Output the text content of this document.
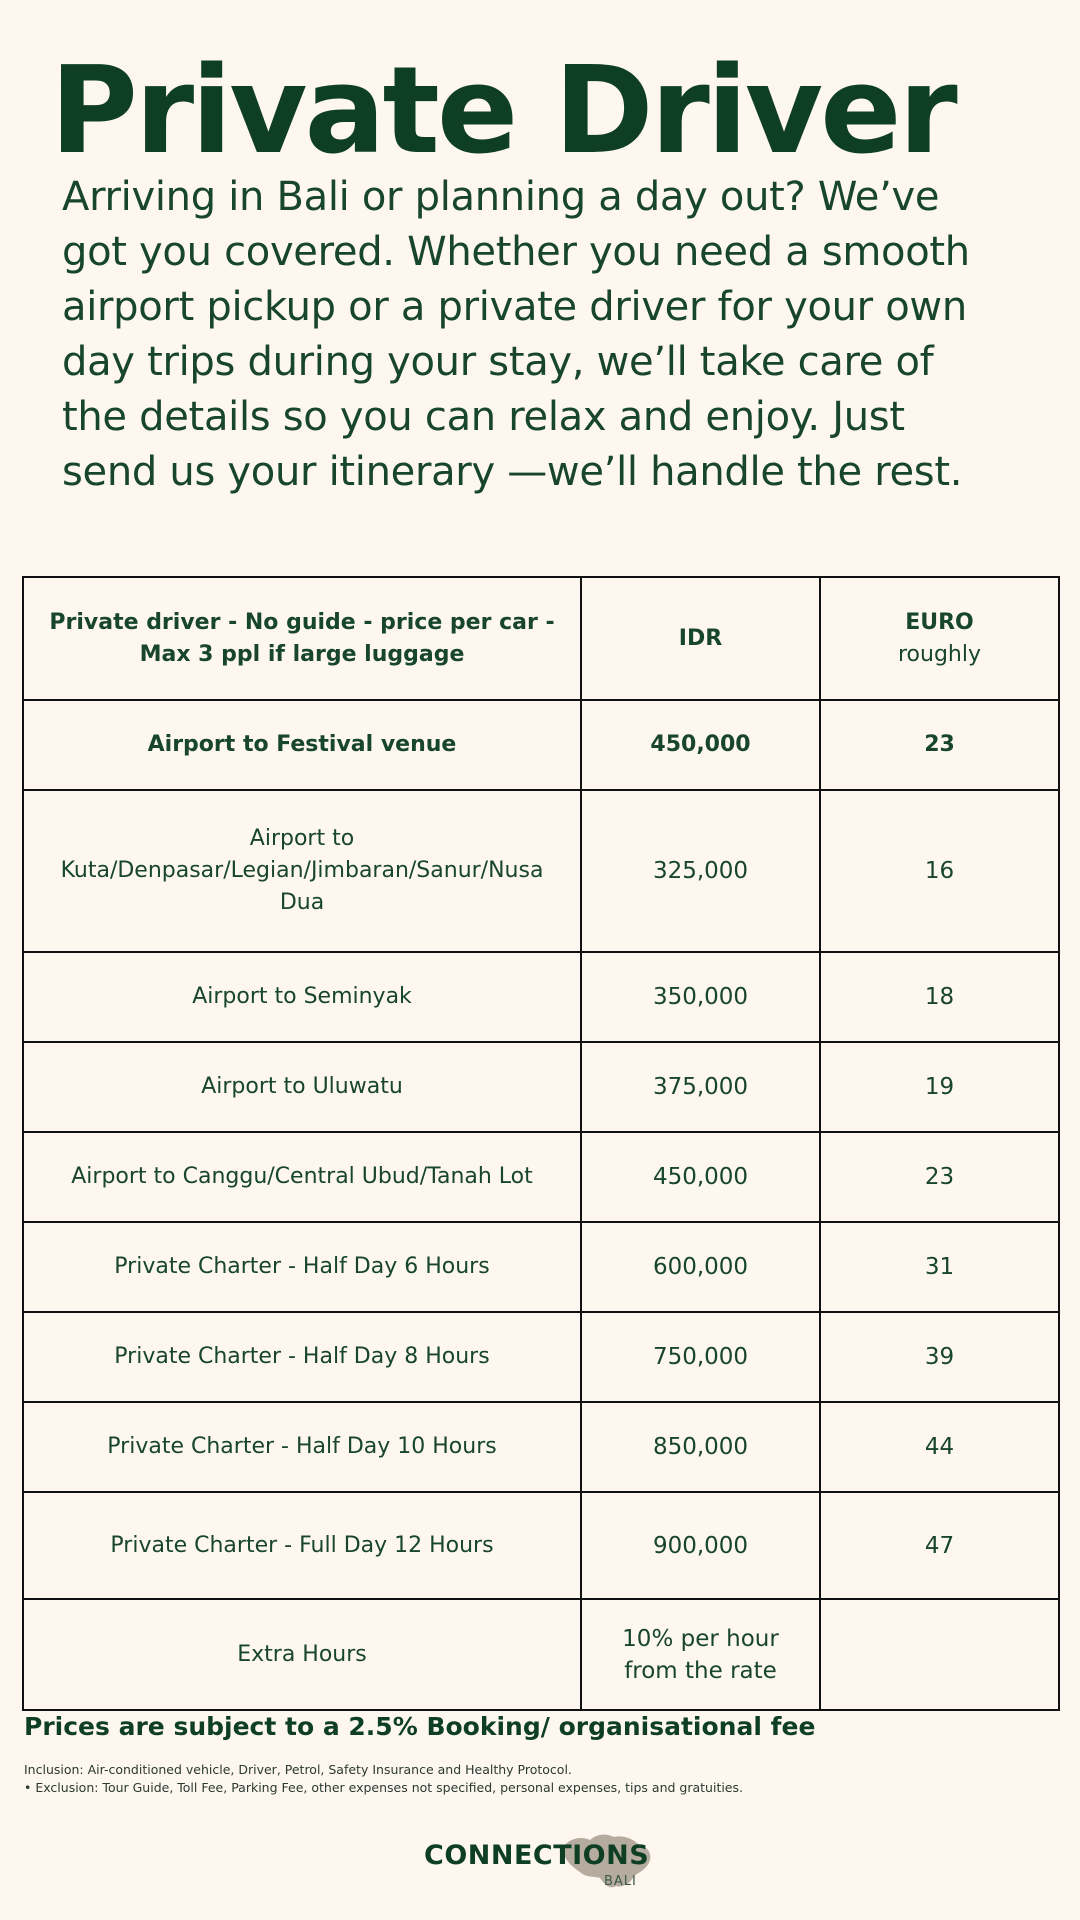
Private Driver

Arriving in Bali or planning a day out? We’ve got you covered. Whether you need a smooth airport pickup or a private driver for your own day trips during your stay, we’ll take care of the details so you can relax and enjoy. Just send us your itinerary —we’ll handle the rest.

Private driver - No guide - price per car - Max 3 ppl if large luggage	IDR	EURO
roughly

Airport to Festival venue	450,000	23
Airport to Kuta/Denpasar/Legian/Jimbaran/Sanur/Nusa Dua	325,000	16
Airport to Seminyak	350,000	18
Airport to Uluwatu	375,000	19
Airport to Canggu/Central Ubud/Tanah Lot	450,000	23
Private Charter - Half Day 6 Hours	600,000	31
Private Charter - Half Day 8 Hours	750,000	39
Private Charter - Half Day 10 Hours	850,000	44
Private Charter - Full Day 12 Hours	900,000	47
Extra Hours	10% per hour from the rate	

Prices are subject to a 2.5% Booking/ organisational fee

Inclusion: Air-conditioned vehicle, Driver, Petrol, Safety Insurance and Healthy Protocol.
• Exclusion: Tour Guide, Toll Fee, Parking Fee, other expenses not specified, personal expenses, tips and gratuities.
CONNECTIONS
BALI
